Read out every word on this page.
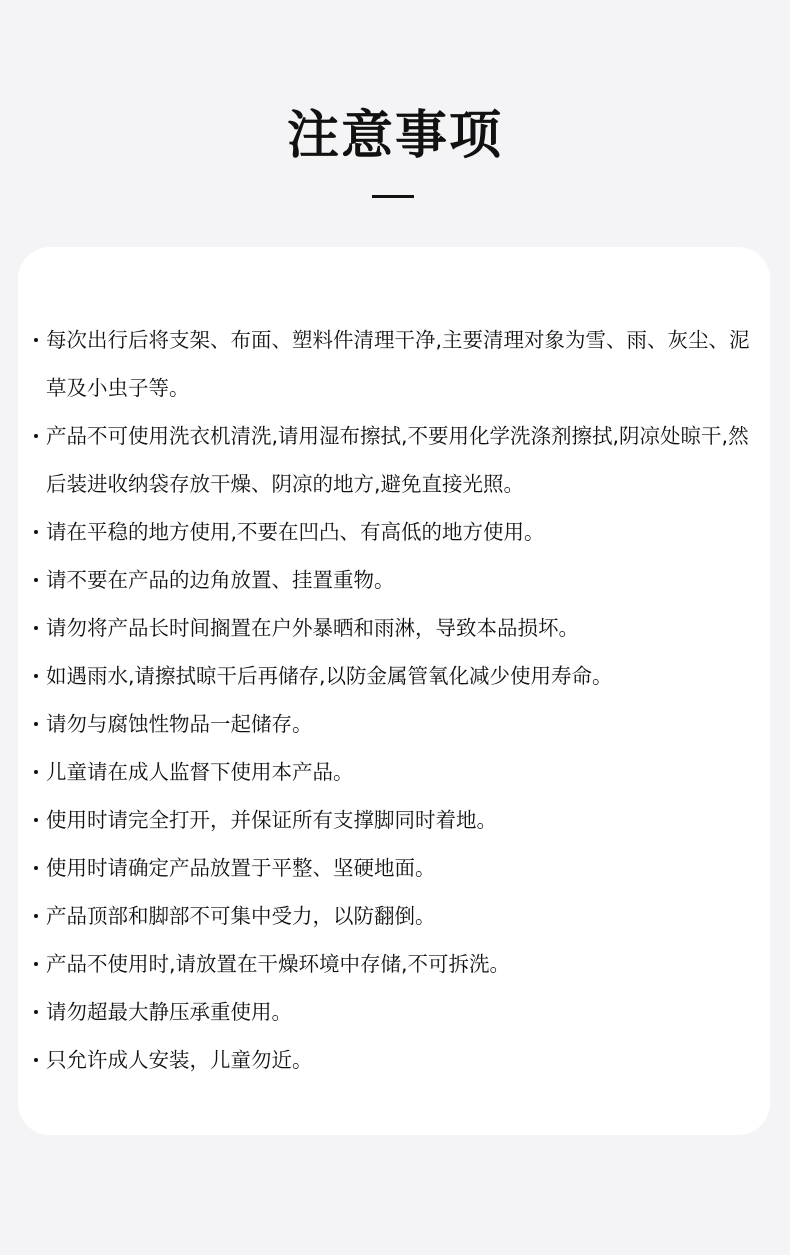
注意事项
每次出行后将支架、布面、塑料件清理干净,主要清理对象为雪、雨、灰尘、泥草及小虫子等。
产品不可使用洗衣机清洗,请用湿布擦拭,不要用化学洗涤剂擦拭,阴凉处晾干,然后装进收纳袋存放干燥、阴凉的地方,避免直接光照。
请在平稳的地方使用,不要在凹凸、有高低的地方使用。
请不要在产品的边角放置、挂置重物。
请勿将产品长时间搁置在户外暴晒和雨淋，导致本品损坏。
如遇雨水,请擦拭晾干后再储存,以防金属管氧化减少使用寿命。
请勿与腐蚀性物品一起储存。
儿童请在成人监督下使用本产品。
使用时请完全打开，并保证所有支撑脚同时着地。
使用时请确定产品放置于平整、坚硬地面。
产品顶部和脚部不可集中受力，以防翻倒。
产品不使用时,请放置在干燥环境中存储,不可拆洗。
请勿超最大静压承重使用。
只允许成人安装，儿童勿近。
